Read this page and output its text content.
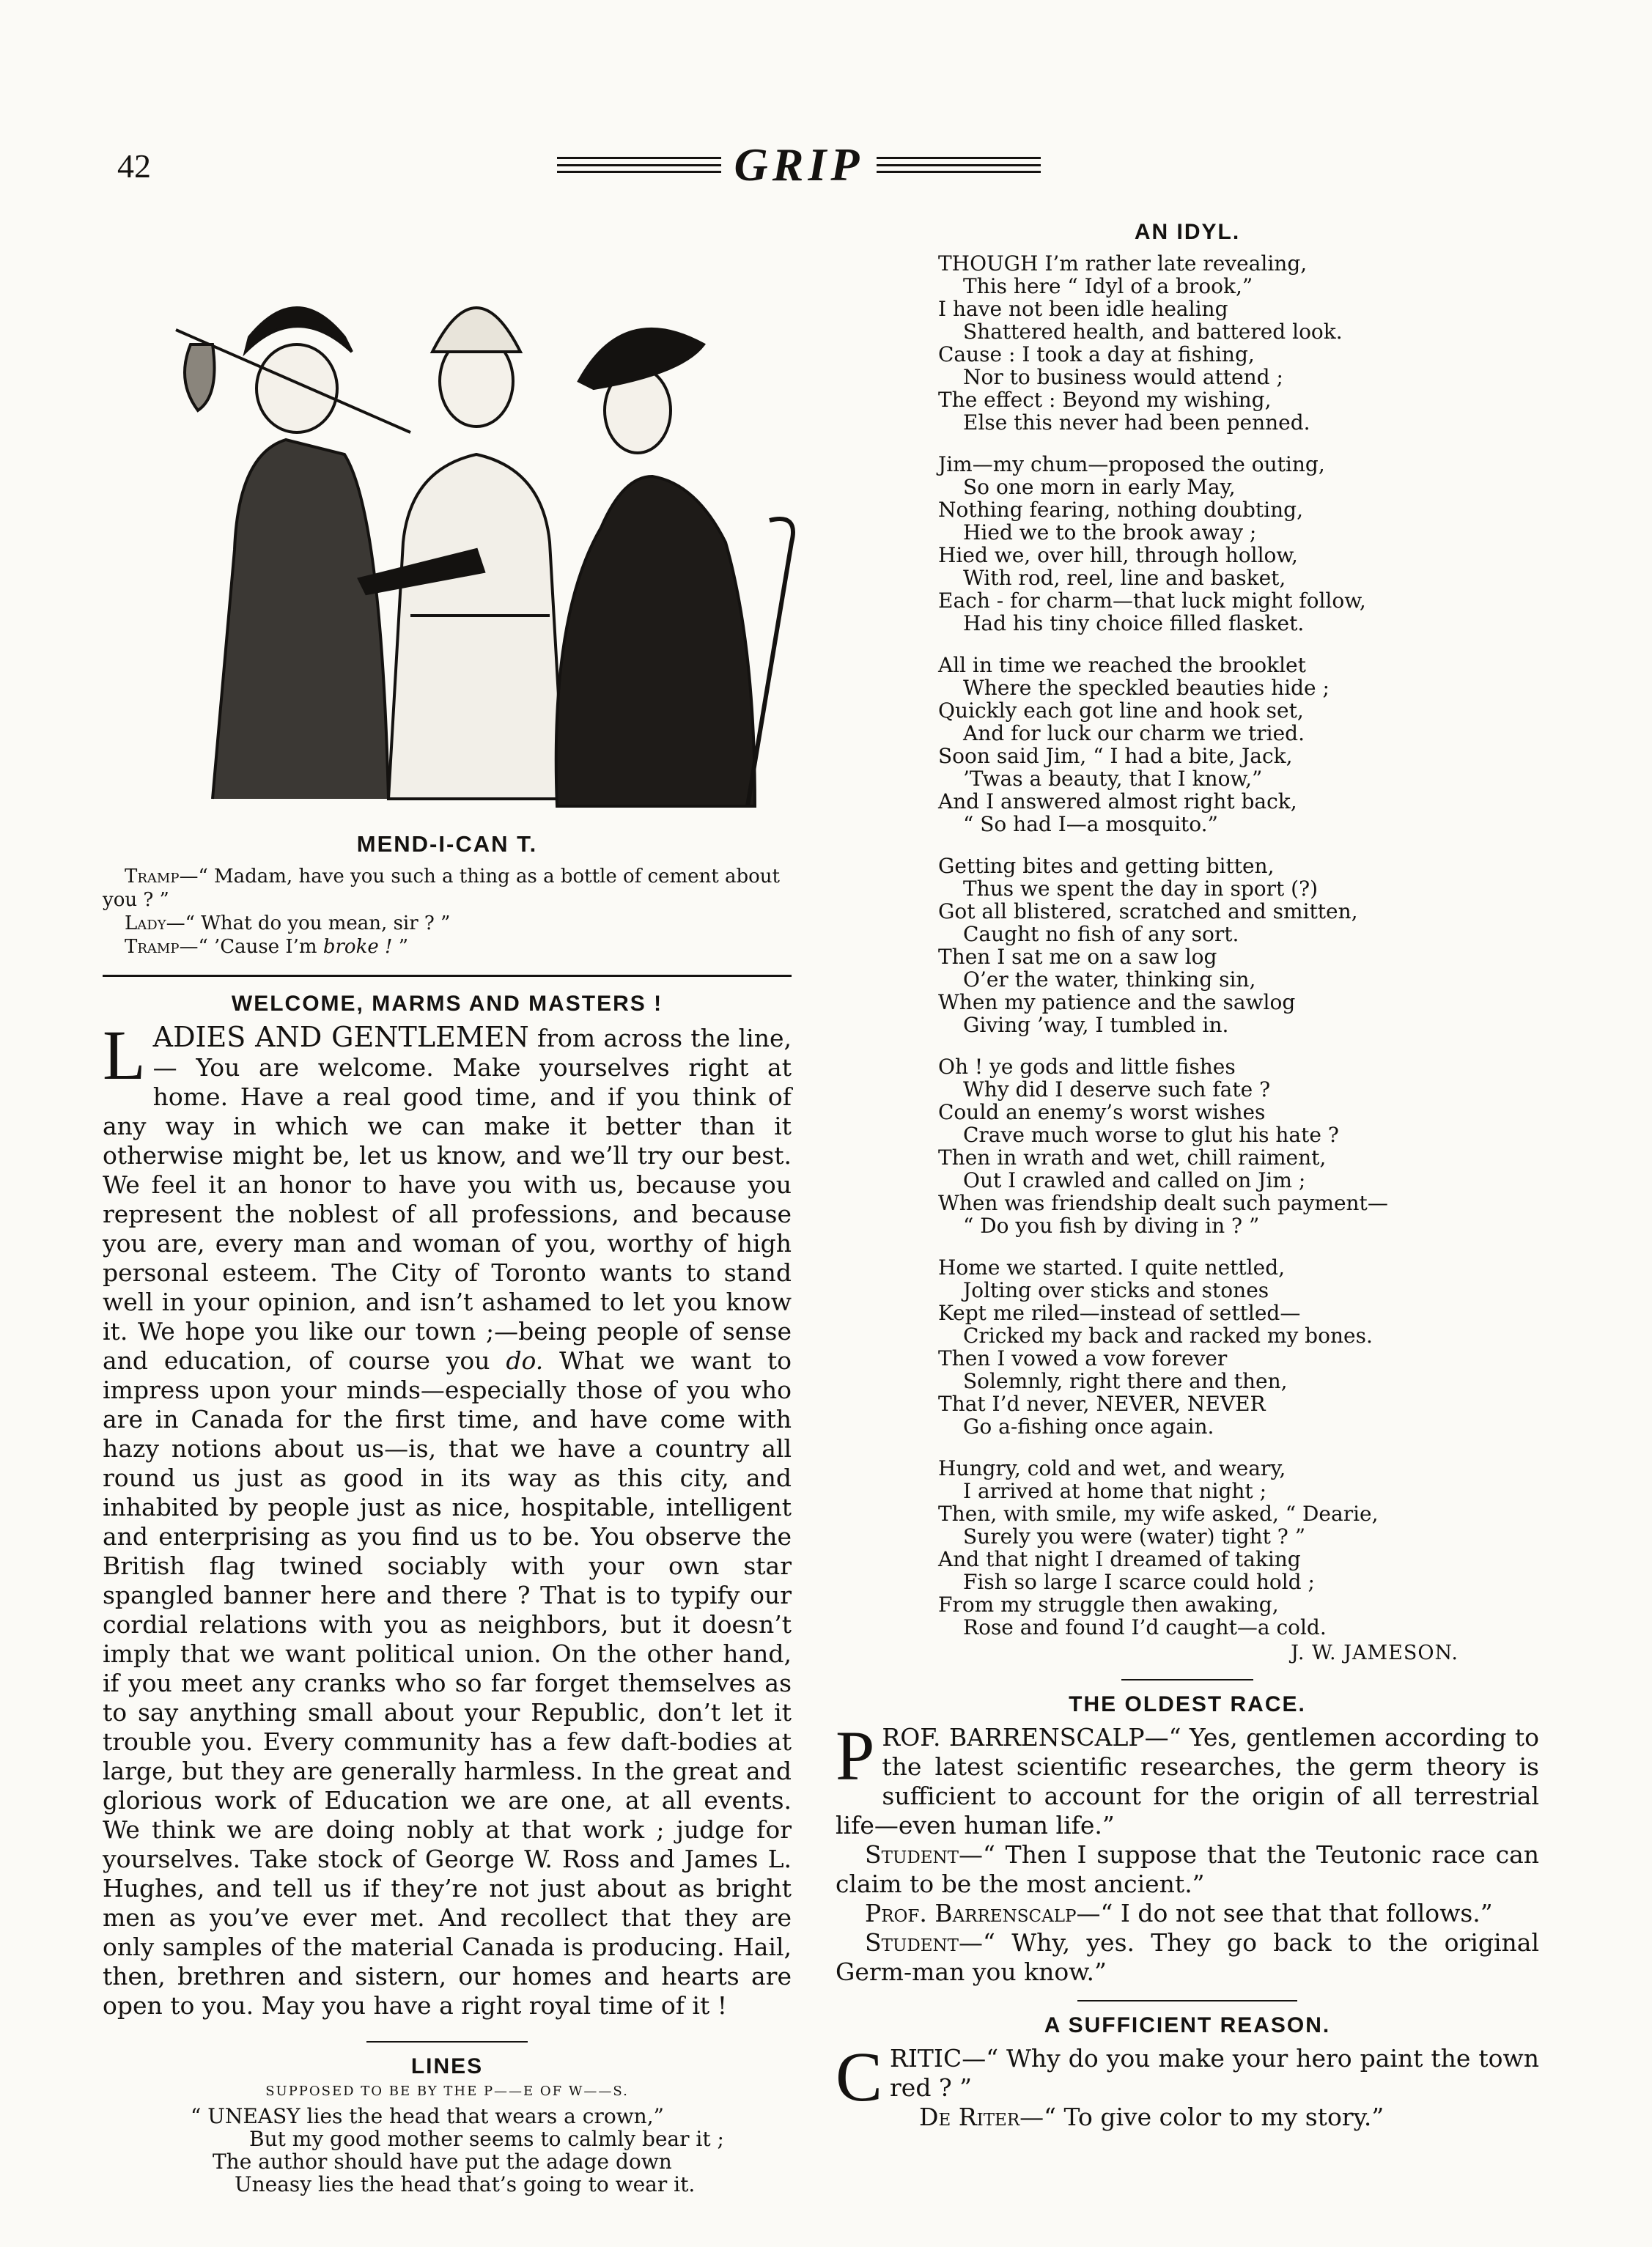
42	GRIP
MEND-I-CAN T.

Tramp—“ Madam, have you such a thing as a bottle of cement about you ? ”

Lady—“ What do you mean, sir ? ”

Tramp—“ ’Cause I’m broke ! ”

WELCOME, MARMS AND MASTERS !

LADIES AND GENTLEMEN from across the line,— You are welcome. Make yourselves right at home. Have a real good time, and if you think of any way in which we can make it better than it otherwise might be, let us know, and we’ll try our best. We feel it an honor to have you with us, because you represent the noblest of all professions, and because you are, every man and woman of you, worthy of high personal esteem. The City of Toronto wants to stand well in your opinion, and isn’t ashamed to let you know it. We hope you like our town ;—being people of sense and education, of course you do. What we want to impress upon your minds—especially those of you who are in Canada for the first time, and have come with hazy notions about us—is, that we have a country all round us just as good in its way as this city, and inhabited by people just as nice, hospitable, intelligent and enterprising as you find us to be. You observe the British flag twined sociably with your own star spangled banner here and there ? That is to typify our cordial relations with you as neighbors, but it doesn’t imply that we want political union. On the other hand, if you meet any cranks who so far forget themselves as to say anything small about your Republic, don’t let it trouble you. Every community has a few daft-bodies at large, but they are generally harmless. In the great and glorious work of Education we are one, at all events. We think we are doing nobly at that work ; judge for yourselves. Take stock of George W. Ross and James L. Hughes, and tell us if they’re not just about as bright men as you’ve ever met. And recollect that they are only samples of the material Canada is producing. Hail, then, brethren and sistern, our homes and hearts are open to you. May you have a right royal time of it !

LINES
SUPPOSED TO BE BY THE P——E OF W——S.

“ UNEASY lies the head that wears a crown,”

But my good mother seems to calmly bear it ;

The author should have put the adage down

Uneasy lies the head that’s going to wear it.

AN IDYL.

THOUGH I’m rather late revealing,

This here “ Idyl of a brook,”

I have not been idle healing

Shattered health, and battered look.

Cause : I took a day at fishing,

Nor to business would attend ;

The effect : Beyond my wishing,

Else this never had been penned.

Jim—my chum—proposed the outing,

So one morn in early May,

Nothing fearing, nothing doubting,

Hied we to the brook away ;

Hied we, over hill, through hollow,

With rod, reel, line and basket,

Each - for charm—that luck might follow,

Had his tiny choice filled flasket.

All in time we reached the brooklet

Where the speckled beauties hide ;

Quickly each got line and hook set,

And for luck our charm we tried.

Soon said Jim, “ I had a bite, Jack,

’Twas a beauty, that I know,”

And I answered almost right back,

“ So had I—a mosquito.”

Getting bites and getting bitten,

Thus we spent the day in sport (?)

Got all blistered, scratched and smitten,

Caught no fish of any sort.

Then I sat me on a saw log

O’er the water, thinking sin,

When my patience and the sawlog

Giving ’way, I tumbled in.

Oh ! ye gods and little fishes

Why did I deserve such fate ?

Could an enemy’s worst wishes

Crave much worse to glut his hate ?

Then in wrath and wet, chill raiment,

Out I crawled and called on Jim ;

When was friendship dealt such payment—

“ Do you fish by diving in ? ”

Home we started. I quite nettled,

Jolting over sticks and stones

Kept me riled—instead of settled—

Cricked my back and racked my bones.

Then I vowed a vow forever

Solemnly, right there and then,

That I’d never, NEVER, NEVER

Go a-fishing once again.

Hungry, cold and wet, and weary,

I arrived at home that night ;

Then, with smile, my wife asked, “ Dearie,

Surely you were (water) tight ? ”

And that night I dreamed of taking

Fish so large I scarce could hold ;

From my struggle then awaking,

Rose and found I’d caught—a cold.

J. W. JAMESON.
THE OLDEST RACE.

PROF. BARRENSCALP—“ Yes, gentlemen according to the latest scientific researches, the germ theory is sufficient to account for the origin of all terrestrial life—even human life.”

Student—“ Then I suppose that the Teutonic race can claim to be the most ancient.”

Prof. Barrenscalp—“ I do not see that that follows.”

Student—“ Why, yes. They go back to the original Germ-man you know.”

A SUFFICIENT REASON.

CRITIC—“ Why do you make your hero paint the town red ? ”

De Riter—“ To give color to my story.”
